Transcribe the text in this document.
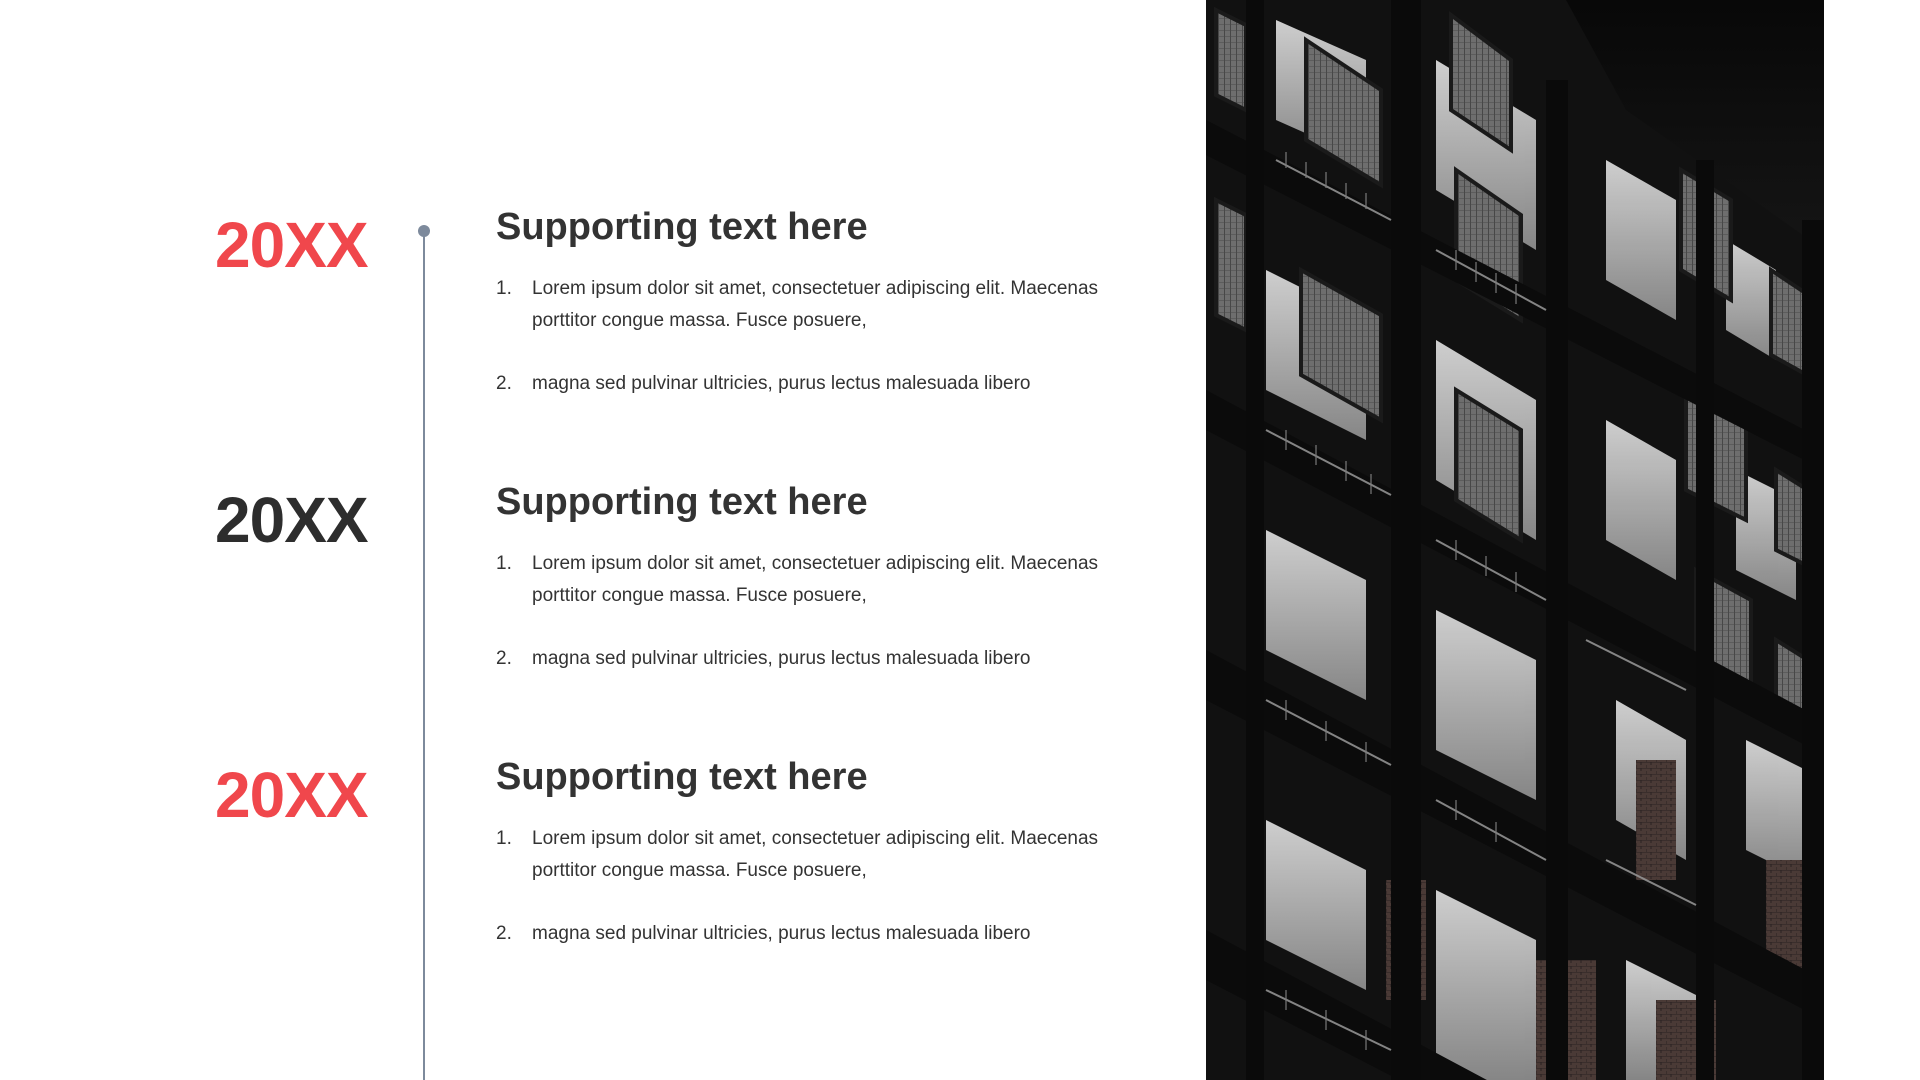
20XX
20XX
20XX
Supporting text here
1. Lorem ipsum dolor sit amet, consectetuer adipiscing elit. Maecenas porttitor congue massa. Fusce posuere,
2. magna sed pulvinar ultricies, purus lectus malesuada libero
Supporting text here
1. Lorem ipsum dolor sit amet, consectetuer adipiscing elit. Maecenas porttitor congue massa. Fusce posuere,
2. magna sed pulvinar ultricies, purus lectus malesuada libero
Supporting text here
1. Lorem ipsum dolor sit amet, consectetuer adipiscing elit. Maecenas porttitor congue massa. Fusce posuere,
2. magna sed pulvinar ultricies, purus lectus malesuada libero
